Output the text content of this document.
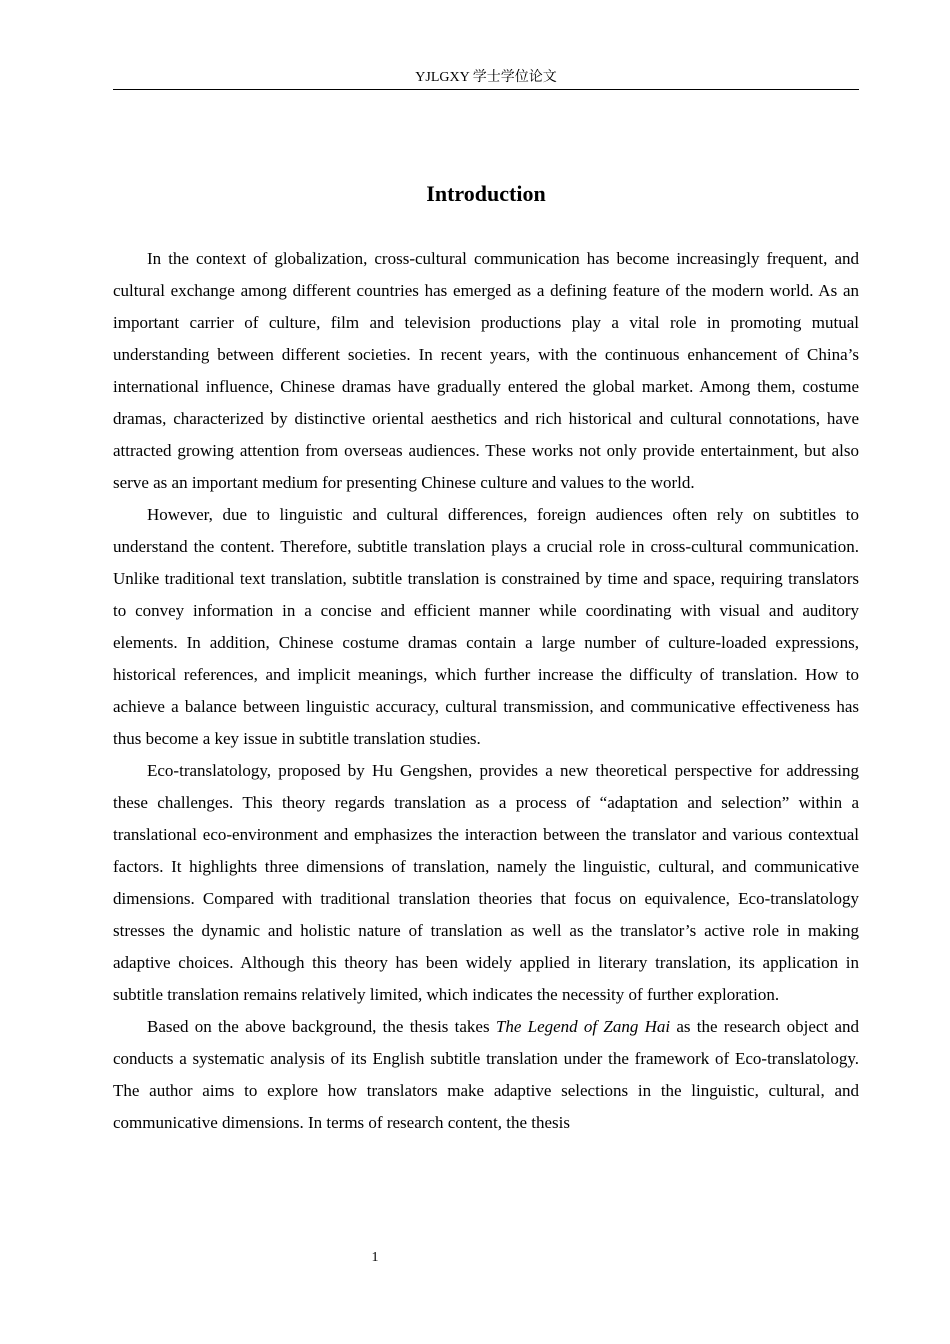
YJLGXY 学士学位论文
Introduction

In the context of globalization, cross-cultural communication has become increasingly frequent, and cultural exchange among different countries has emerged as a defining feature of the modern world. As an important carrier of culture, film and television productions play a vital role in promoting mutual understanding between different societies. In recent years, with the continuous enhancement of China’s international influence, Chinese dramas have gradually entered the global market. Among them, costume dramas, characterized by distinctive oriental aesthetics and rich historical and cultural connotations, have attracted growing attention from overseas audiences. These works not only provide entertainment, but also serve as an important medium for presenting Chinese culture and values to the world.

However, due to linguistic and cultural differences, foreign audiences often rely on subtitles to understand the content. Therefore, subtitle translation plays a crucial role in cross-cultural communication. Unlike traditional text translation, subtitle translation is constrained by time and space, requiring translators to convey information in a concise and efficient manner while coordinating with visual and auditory elements. In addition, Chinese costume dramas contain a large number of culture-loaded expressions, historical references, and implicit meanings, which further increase the difficulty of translation. How to achieve a balance between linguistic accuracy, cultural transmission, and communicative effectiveness has thus become a key issue in subtitle translation studies.

Eco-translatology, proposed by Hu Gengshen, provides a new theoretical perspective for addressing these challenges. This theory regards translation as a process of “adaptation and selection” within a translational eco-environment and emphasizes the interaction between the translator and various contextual factors. It highlights three dimensions of translation, namely the linguistic, cultural, and communicative dimensions. Compared with traditional translation theories that focus on equivalence, Eco-translatology stresses the dynamic and holistic nature of translation as well as the translator’s active role in making adaptive choices. Although this theory has been widely applied in literary translation, its application in subtitle translation remains relatively limited, which indicates the necessity of further exploration.

Based on the above background, the thesis takes The Legend of Zang Hai as the research object and conducts a systematic analysis of its English subtitle translation under the framework of Eco-translatology. The author aims to explore how translators make adaptive selections in the linguistic, cultural, and communicative dimensions. In terms of research content, the thesis

1
